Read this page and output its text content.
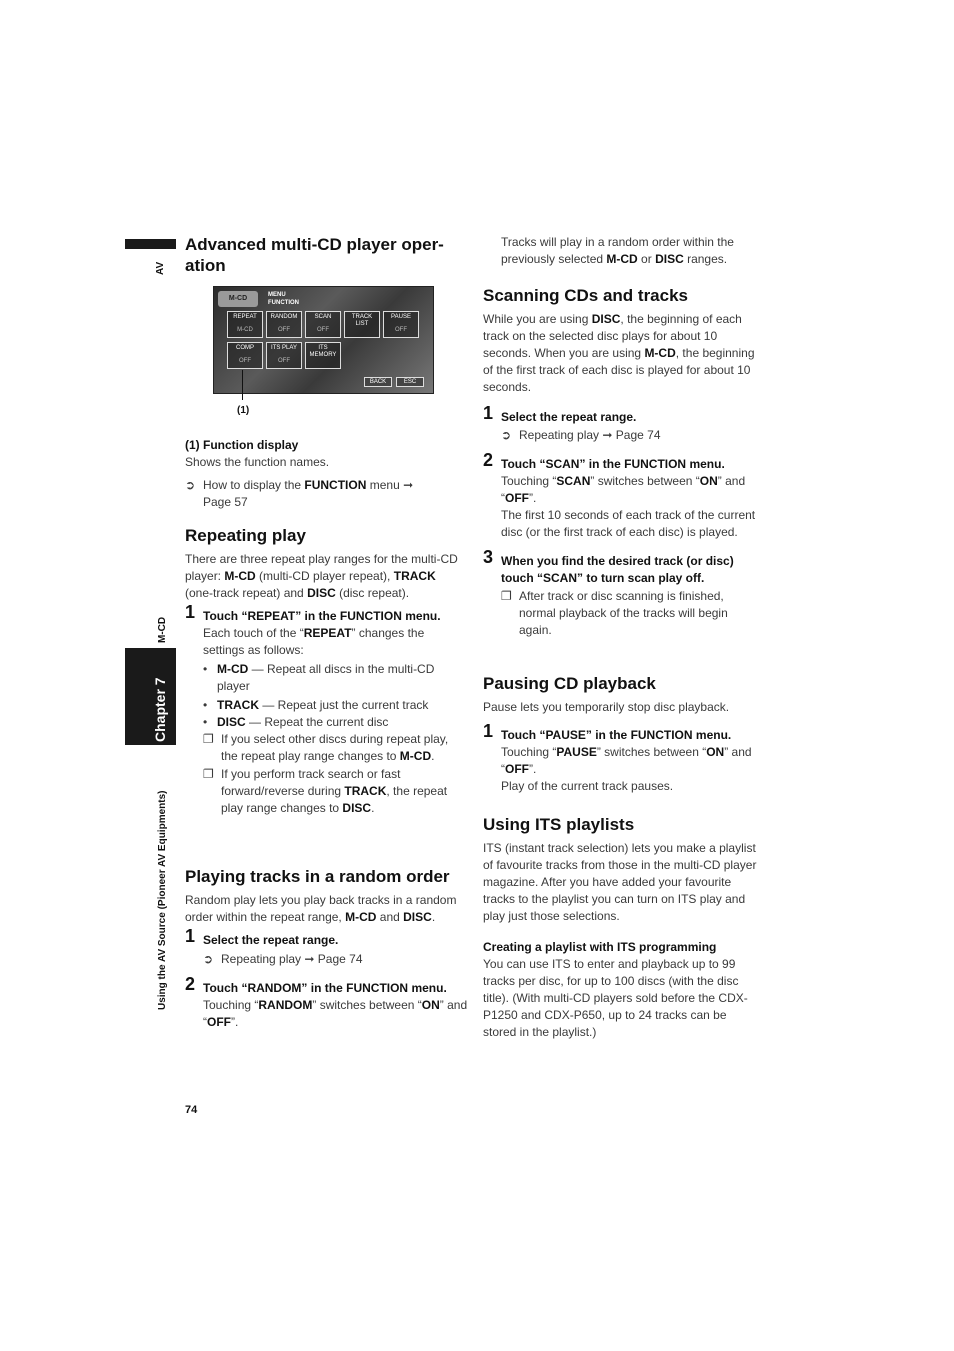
AV
M-CD
Chapter 7
Using the AV Source (Pioneer AV Equipments)
Advanced multi-CD player oper-
ation
M-CD	MENU
FUNCTION
REPEAT
M-CD
RANDOM
OFF
SCAN
OFF
TRACK LIST
PAUSE
OFF
COMP
OFF
ITS PLAY
OFF
ITS MEMORY
BACK	ESC
(1)

(1) Function display

Shows the function names.

➲ How to display the FUNCTION menu ➞
Page 57
Repeating play

There are three repeat play ranges for the multi-CD player: M-CD (multi-CD player repeat), TRACK (one-track repeat) and DISC (disc repeat).

1 Touch “REPEAT” in the FUNCTION menu.

Each touch of the “REPEAT” changes the settings as follows:

• M-CD — Repeat all discs in the multi-CD player
• TRACK — Repeat just the current track
• DISC — Repeat the current disc
❐ If you select other discs during repeat play, the repeat play range changes to M-CD.
❐ If you perform track search or fast forward/reverse during TRACK, the repeat play range changes to DISC.
Playing tracks in a random order

Random play lets you play back tracks in a random order within the repeat range, M-CD and DISC.

1 Select the repeat range.

➲ Repeating play ➞ Page 74
2 Touch “RANDOM” in the FUNCTION menu.

Touching “RANDOM” switches between “ON” and “OFF”.

Tracks will play in a random order within the previously selected M-CD or DISC ranges.

Scanning CDs and tracks

While you are using DISC, the beginning of each track on the selected disc plays for about 10 seconds. When you are using M-CD, the beginning of the first track of each disc is played for about 10 seconds.

1 Select the repeat range.

➲ Repeating play ➞ Page 74
2 Touch “SCAN” in the FUNCTION menu.

Touching “SCAN” switches between “ON” and “OFF”.

The first 10 seconds of each track of the current disc (or the first track of each disc) is played.

3 When you find the desired track (or disc) touch “SCAN” to turn scan play off.

❐ After track or disc scanning is finished, normal playback of the tracks will begin again.
Pausing CD playback

Pause lets you temporarily stop disc playback.

1 Touch “PAUSE” in the FUNCTION menu.

Touching “PAUSE” switches between “ON” and “OFF”.

Play of the current track pauses.

Using ITS playlists

ITS (instant track selection) lets you make a playlist of favourite tracks from those in the multi-CD player magazine. After you have added your favourite tracks to the playlist you can turn on ITS play and play just those selections.

Creating a playlist with ITS programming

You can use ITS to enter and playback up to 99 tracks per disc, for up to 100 discs (with the disc title). (With multi-CD players sold before the CDX-P1250 and CDX-P650, up to 24 tracks can be stored in the playlist.)

74
